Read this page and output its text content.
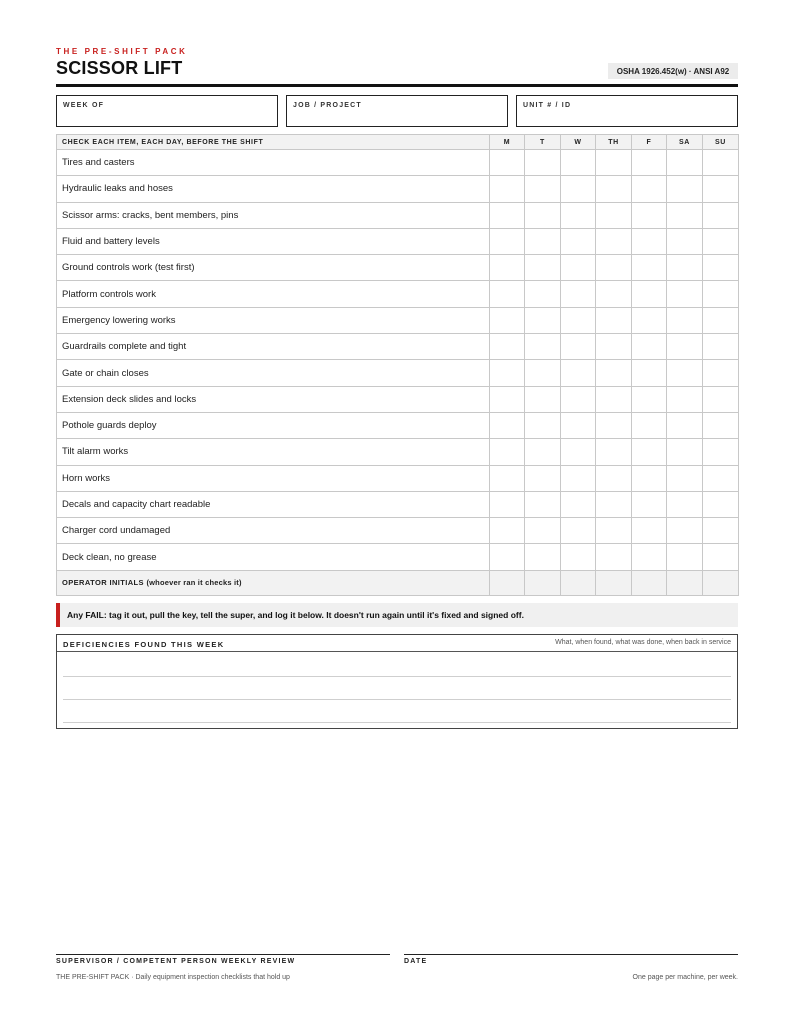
THE PRE-SHIFT PACK
SCISSOR LIFT	OSHA 1926.452(w) · ANSI A92
WEEK OF	JOB / PROJECT	UNIT # / ID
CHECK EACH ITEM, EACH DAY, BEFORE THE SHIFT	M	T	W	TH	F	SA	SU
Tires and casters							
Hydraulic leaks and hoses							
Scissor arms: cracks, bent members, pins							
Fluid and battery levels							
Ground controls work (test first)							
Platform controls work							
Emergency lowering works							
Guardrails complete and tight							
Gate or chain closes							
Extension deck slides and locks							
Pothole guards deploy							
Tilt alarm works							
Horn works							
Decals and capacity chart readable							
Charger cord undamaged							
Deck clean, no grease							
OPERATOR INITIALS (whoever ran it checks it)							
Any FAIL: tag it out, pull the key, tell the super, and log it below. It doesn't run again until it's fixed and signed off.
DEFICIENCIES FOUND THIS WEEK	What, when found, what was done, when back in service
SUPERVISOR / COMPETENT PERSON WEEKLY REVIEW	DATE
THE PRE-SHIFT PACK · Daily equipment inspection checklists that hold up	One page per machine, per week.
